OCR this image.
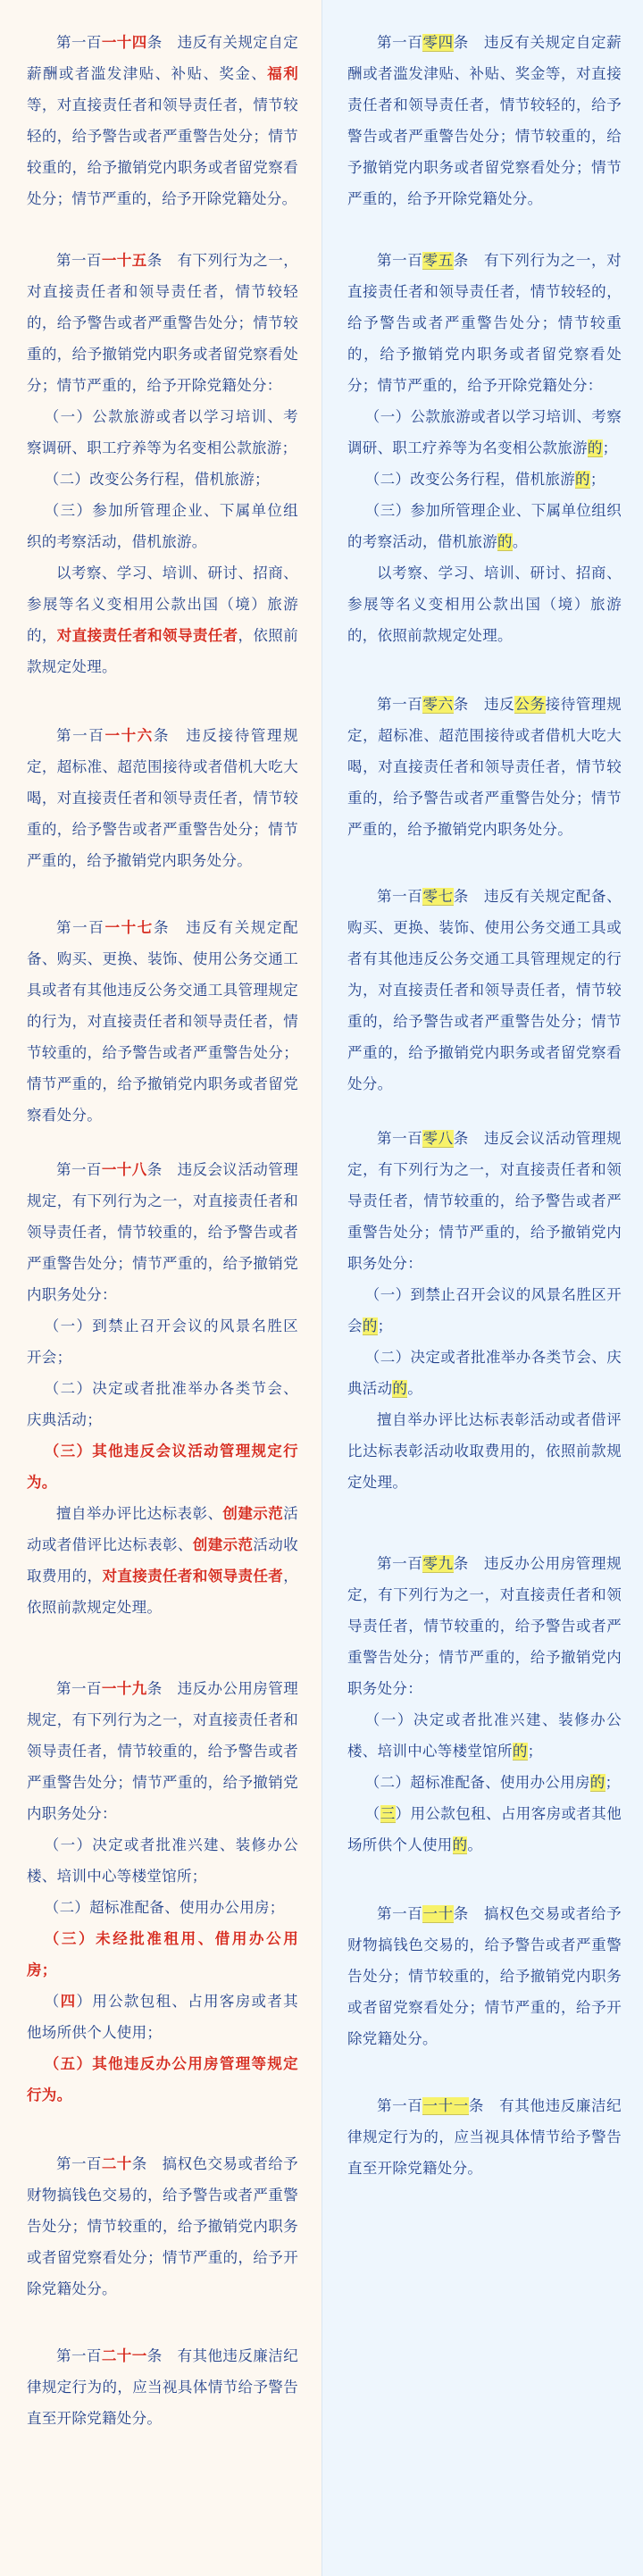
第一百一十四条　违反有关规定自定薪酬或者滥发津贴、补贴、奖金、福利等，对直接责任者和领导责任者，情节较轻的，给予警告或者严重警告处分；情节较重的，给予撤销党内职务或者留党察看处分；情节严重的，给予开除党籍处分。

第一百一十五条　有下列行为之一，对直接责任者和领导责任者，情节较轻的，给予警告或者严重警告处分；情节较重的，给予撤销党内职务或者留党察看处分；情节严重的，给予开除党籍处分：

（一）公款旅游或者以学习培训、考察调研、职工疗养等为名变相公款旅游；

（二）改变公务行程，借机旅游；

（三）参加所管理企业、下属单位组织的考察活动，借机旅游。

以考察、学习、培训、研讨、招商、参展等名义变相用公款出国（境）旅游的，对直接责任者和领导责任者，依照前款规定处理。

第一百一十六条　违反接待管理规定，超标准、超范围接待或者借机大吃大喝，对直接责任者和领导责任者，情节较重的，给予警告或者严重警告处分；情节严重的，给予撤销党内职务处分。

第一百一十七条　违反有关规定配备、购买、更换、装饰、使用公务交通工具或者有其他违反公务交通工具管理规定的行为，对直接责任者和领导责任者，情节较重的，给予警告或者严重警告处分；情节严重的，给予撤销党内职务或者留党察看处分。

第一百一十八条　违反会议活动管理规定，有下列行为之一，对直接责任者和领导责任者，情节较重的，给予警告或者严重警告处分；情节严重的，给予撤销党内职务处分：

（一）到禁止召开会议的风景名胜区开会；

（二）决定或者批准举办各类节会、庆典活动；

（三）其他违反会议活动管理规定行为。

擅自举办评比达标表彰、创建示范活动或者借评比达标表彰、创建示范活动收取费用的，对直接责任者和领导责任者，依照前款规定处理。

第一百一十九条　违反办公用房管理规定，有下列行为之一，对直接责任者和领导责任者，情节较重的，给予警告或者严重警告处分；情节严重的，给予撤销党内职务处分：

（一）决定或者批准兴建、装修办公楼、培训中心等楼堂馆所；

（二）超标准配备、使用办公用房；

（三）未经批准租用、借用办公用房；

（四）用公款包租、占用客房或者其他场所供个人使用；

（五）其他违反办公用房管理等规定行为。

第一百二十条　搞权色交易或者给予财物搞钱色交易的，给予警告或者严重警告处分；情节较重的，给予撤销党内职务或者留党察看处分；情节严重的，给予开除党籍处分。

第一百二十一条　有其他违反廉洁纪律规定行为的，应当视具体情节给予警告直至开除党籍处分。

第一百零四条　违反有关规定自定薪酬或者滥发津贴、补贴、奖金等，对直接责任者和领导责任者，情节较轻的，给予警告或者严重警告处分；情节较重的，给予撤销党内职务或者留党察看处分；情节严重的，给予开除党籍处分。

第一百零五条　有下列行为之一，对直接责任者和领导责任者，情节较轻的，给予警告或者严重警告处分；情节较重的，给予撤销党内职务或者留党察看处分；情节严重的，给予开除党籍处分：

（一）公款旅游或者以学习培训、考察调研、职工疗养等为名变相公款旅游的；

（二）改变公务行程，借机旅游的；

（三）参加所管理企业、下属单位组织的考察活动，借机旅游的。

以考察、学习、培训、研讨、招商、参展等名义变相用公款出国（境）旅游的，依照前款规定处理。

第一百零六条　违反公务接待管理规定，超标准、超范围接待或者借机大吃大喝，对直接责任者和领导责任者，情节较重的，给予警告或者严重警告处分；情节严重的，给予撤销党内职务处分。

第一百零七条　违反有关规定配备、购买、更换、装饰、使用公务交通工具或者有其他违反公务交通工具管理规定的行为，对直接责任者和领导责任者，情节较重的，给予警告或者严重警告处分；情节严重的，给予撤销党内职务或者留党察看处分。

第一百零八条　违反会议活动管理规定，有下列行为之一，对直接责任者和领导责任者，情节较重的，给予警告或者严重警告处分；情节严重的，给予撤销党内职务处分：

（一）到禁止召开会议的风景名胜区开会的；

（二）决定或者批准举办各类节会、庆典活动的。

擅自举办评比达标表彰活动或者借评比达标表彰活动收取费用的，依照前款规定处理。

第一百零九条　违反办公用房管理规定，有下列行为之一，对直接责任者和领导责任者，情节较重的，给予警告或者严重警告处分；情节严重的，给予撤销党内职务处分：

（一）决定或者批准兴建、装修办公楼、培训中心等楼堂馆所的；

（二）超标准配备、使用办公用房的；

（三）用公款包租、占用客房或者其他场所供个人使用的。

第一百一十条　搞权色交易或者给予财物搞钱色交易的，给予警告或者严重警告处分；情节较重的，给予撤销党内职务或者留党察看处分；情节严重的，给予开除党籍处分。

第一百一十一条　有其他违反廉洁纪律规定行为的，应当视具体情节给予警告直至开除党籍处分。
